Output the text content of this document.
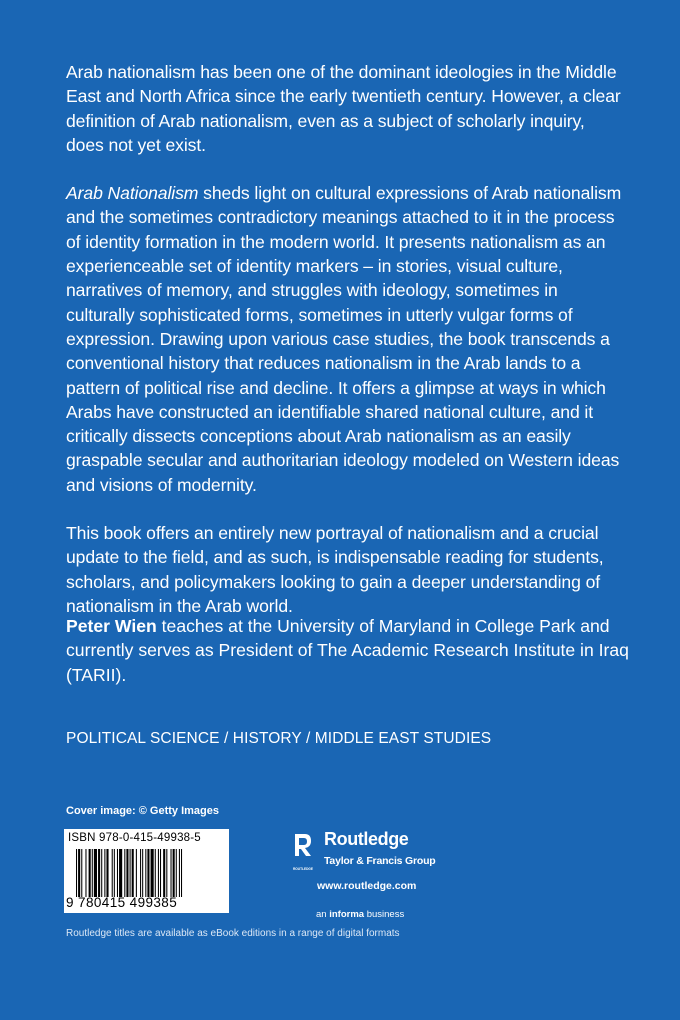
Arab nationalism has been one of the dominant ideologies in the Middle East and North Africa since the early twentieth century. However, a clear definition of Arab nationalism, even as a subject of scholarly inquiry, does not yet exist.

Arab Nationalism sheds light on cultural expressions of Arab nationalism and the sometimes contradictory meanings attached to it in the process of identity formation in the modern world. It presents nationalism as an experienceable set of identity markers – in stories, visual culture, narratives of memory, and struggles with ideology, sometimes in culturally sophisticated forms, sometimes in utterly vulgar forms of expression. Drawing upon various case studies, the book transcends a conventional history that reduces nationalism in the Arab lands to a pattern of political rise and decline. It offers a glimpse at ways in which Arabs have constructed an identifiable shared national culture, and it critically dissects conceptions about Arab nationalism as an easily graspable secular and authoritarian ideology modeled on Western ideas and visions of modernity.

This book offers an entirely new portrayal of nationalism and a crucial update to the field, and as such, is indispensable reading for students, scholars, and policymakers looking to gain a deeper understanding of nationalism in the Arab world.

Peter Wien teaches at the University of Maryland in College Park and currently serves as President of The Academic Research Institute in Iraq (TARII).
POLITICAL SCIENCE / HISTORY / MIDDLE EAST STUDIES
Cover image: © Getty Images
ISBN 978-0-415-49938-5
9 780415 499385
ROUTLEDGE
Routledge
Taylor & Francis Group
www.routledge.com
an informa business
Routledge titles are available as eBook editions in a range of digital formats
